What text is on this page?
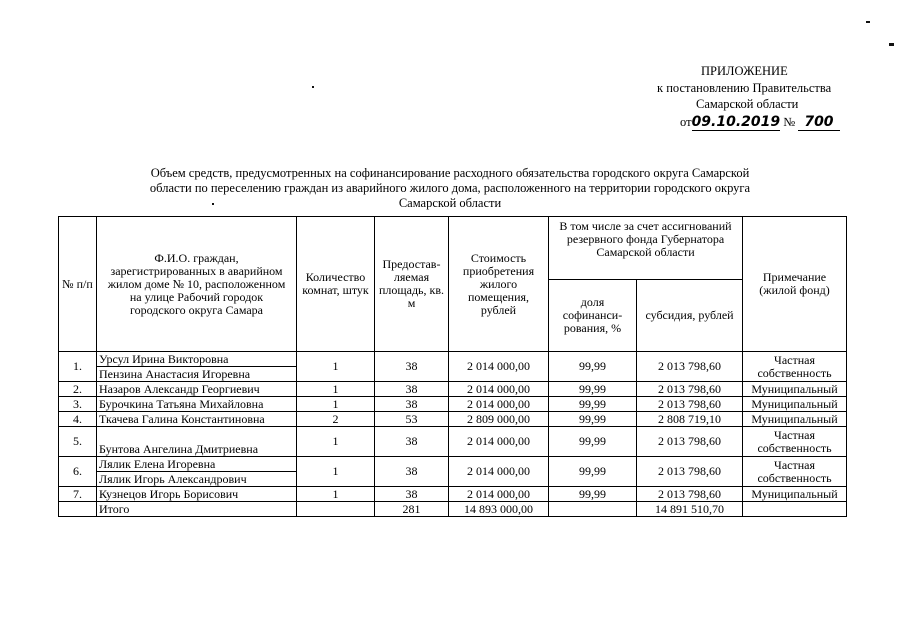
ПРИЛОЖЕНИЕ
к постановлению Правительства
Самарской области
от09.10.2019 № 700
Объем средств, предусмотренных на софинансирование расходного обязательства городского округа Самарской
области по переселению граждан из аварийного жилого дома, расположенного на территории городского округа
Самарской области
№ п/п	Ф.И.О. граждан, зарегистрированных в аварийном жилом доме № 10, расположенном на улице Рабочий городок городского округа Самара	Количество комнат, штук	Предостав-ляемая площадь, кв. м	Стоимость приобретения жилого помещения, рублей	В том числе за счет ассигнований резервного фонда Губернатора Самарской области		Примечание (жилой фонд)
					доля софинанси-рования, %	субсидия, рублей	
1.	Урсул Ирина Викторовна	1	38	2 014 000,00	99,99	2 013 798,60	Частная собственность
	Пензина Анастасия Игоревна						
2.	Назаров Александр Георгиевич	1	38	2 014 000,00	99,99	2 013 798,60	Муниципальный
3.	Бурочкина Татьяна Михайловна	1	38	2 014 000,00	99,99	2 013 798,60	Муниципальный
4.	Ткачева Галина Константиновна	2	53	2 809 000,00	99,99	2 808 719,10	Муниципальный
5.	Бунтова Ангелина Дмитриевна	1	38	2 014 000,00	99,99	2 013 798,60	Частная собственность
6.	Лялик Елена Игоревна	1	38	2 014 000,00	99,99	2 013 798,60	Частная собственность
	Лялик Игорь Александрович						
7.	Кузнецов Игорь Борисович	1	38	2 014 000,00	99,99	2 013 798,60	Муниципальный
	Итого		281	14 893 000,00		14 891 510,70	
